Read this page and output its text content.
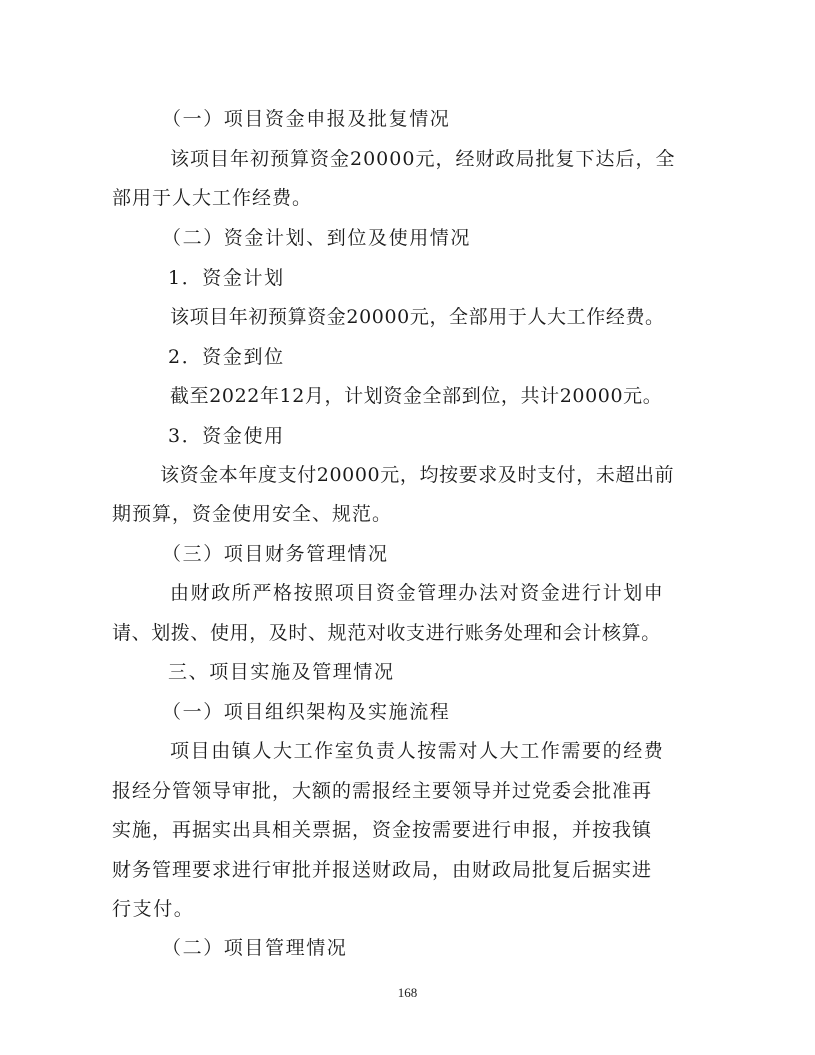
（一）项目资金申报及批复情况

该项目年初预算资金20000元，经财政局批复下达后，全

部用于人大工作经费。

（二）资金计划、到位及使用情况

1．资金计划

该项目年初预算资金20000元，全部用于人大工作经费。

2．资金到位

截至2022年12月，计划资金全部到位，共计20000元。

3．资金使用

该资金本年度支付20000元，均按要求及时支付，未超出前

期预算，资金使用安全、规范。

（三）项目财务管理情况

由财政所严格按照项目资金管理办法对资金进行计划申

请、划拨、使用，及时、规范对收支进行账务处理和会计核算。

三、项目实施及管理情况

（一）项目组织架构及实施流程

项目由镇人大工作室负责人按需对人大工作需要的经费

报经分管领导审批，大额的需报经主要领导并过党委会批准再

实施，再据实出具相关票据，资金按需要进行申报，并按我镇

财务管理要求进行审批并报送财政局，由财政局批复后据实进

行支付。

（二）项目管理情况

168
